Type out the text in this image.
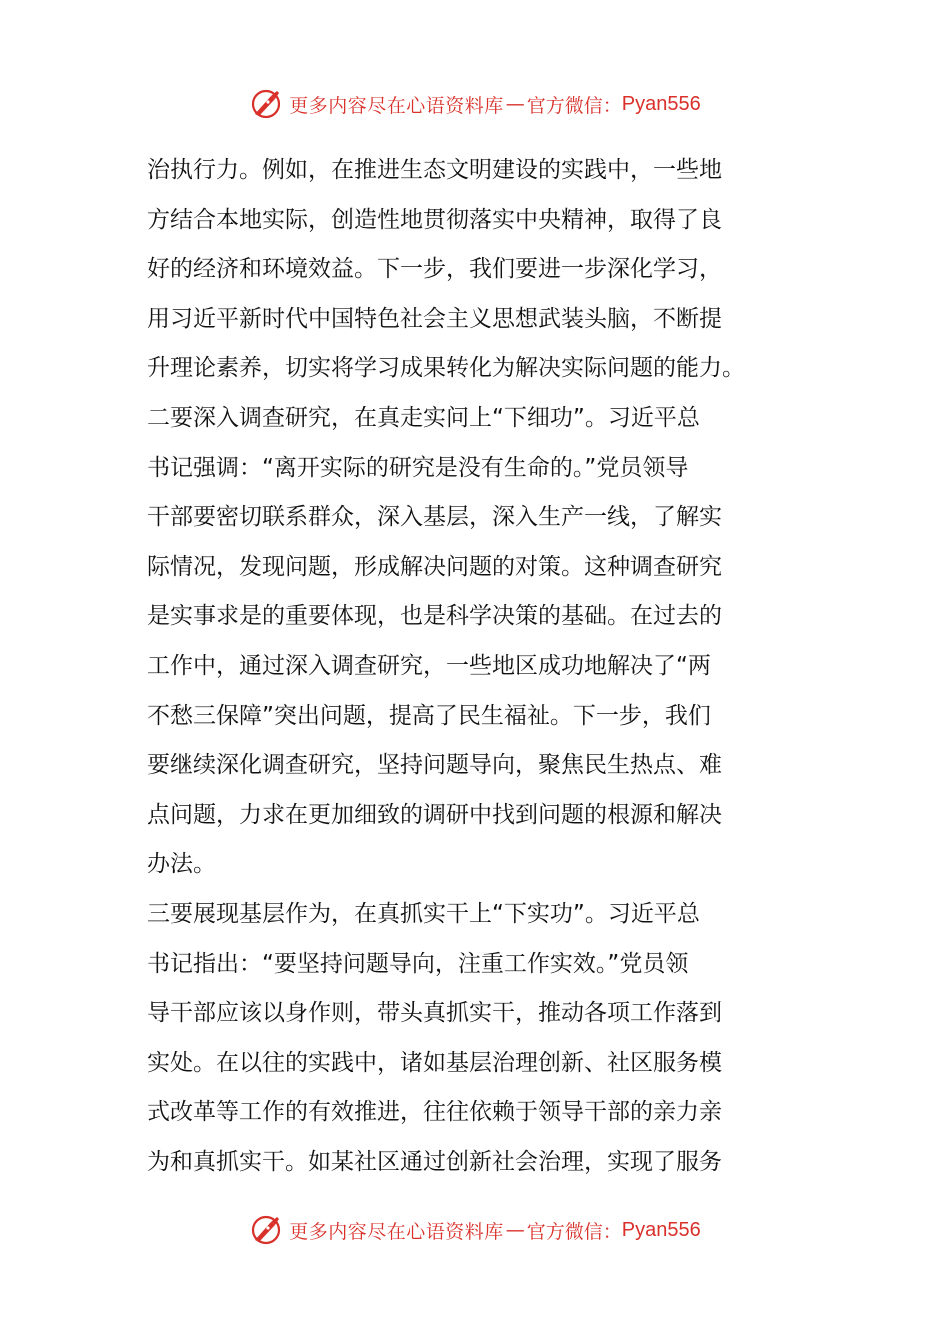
更多内容尽在心语资料库 — 官方微信： Pyan556
治执行力。例如，在推进生态文明建设的实践中，一些地
方结合本地实际，创造性地贯彻落实中央精神，取得了良
好的经济和环境效益。下一步，我们要进一步深化学习，
用习近平新时代中国特色社会主义思想武装头脑，不断提
升理论素养，切实将学习成果转化为解决实际问题的能力。
二要深入调查研究，在真走实问上“下细功”。习近平总
书记强调：“离开实际的研究是没有生命的。”党员领导
干部要密切联系群众，深入基层，深入生产一线，了解实
际情况，发现问题，形成解决问题的对策。这种调查研究
是实事求是的重要体现，也是科学决策的基础。在过去的
工作中，通过深入调查研究，一些地区成功地解决了“两
不愁三保障”突出问题，提高了民生福祉。下一步，我们
要继续深化调查研究，坚持问题导向，聚焦民生热点、难
点问题，力求在更加细致的调研中找到问题的根源和解决
办法。
三要展现基层作为，在真抓实干上“下实功”。习近平总
书记指出：“要坚持问题导向，注重工作实效。”党员领
导干部应该以身作则，带头真抓实干，推动各项工作落到
实处。在以往的实践中，诸如基层治理创新、社区服务模
式改革等工作的有效推进，往往依赖于领导干部的亲力亲
为和真抓实干。如某社区通过创新社会治理，实现了服务
更多内容尽在心语资料库 — 官方微信： Pyan556
